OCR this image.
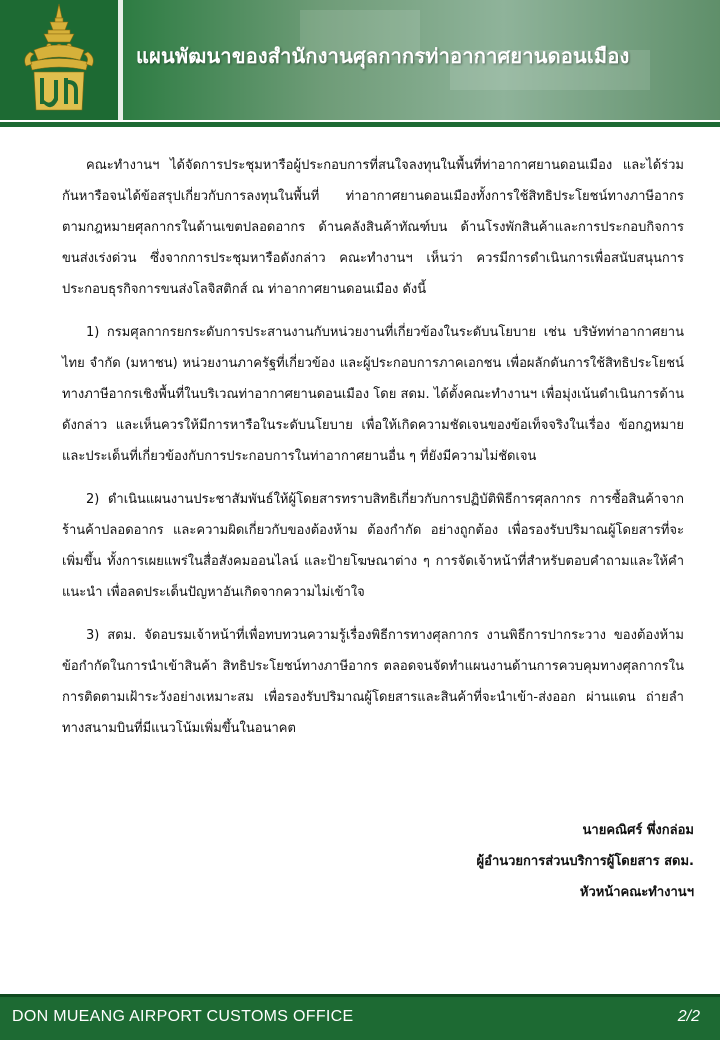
แผนพัฒนาของสำนักงานศุลกากรท่าอากาศยานดอนเมือง

คณะทำงานฯ ได้จัดการประชุมหารือผู้ประกอบการที่สนใจลงทุนในพื้นที่ท่าอากาศยานดอนเมือง และได้ร่วมกันหารือจนได้ข้อสรุปเกี่ยวกับการลงทุนในพื้นที่ ท่าอากาศยานดอนเมืองทั้งการใช้สิทธิประโยชน์ทางภาษีอากรตามกฎหมายศุลกากรในด้านเขตปลอดอากร ด้านคลังสินค้าทัณฑ์บน ด้านโรงพักสินค้าและการประกอบกิจการขนส่งเร่งด่วน ซึ่งจากการประชุมหารือดังกล่าว คณะทำงานฯ เห็นว่า ควรมีการดำเนินการเพื่อสนับสนุนการประกอบธุรกิจการขนส่งโลจิสติกส์ ณ ท่าอากาศยานดอนเมือง ดังนี้

1) กรมศุลกากรยกระดับการประสานงานกับหน่วยงานที่เกี่ยวข้องในระดับนโยบาย เช่น บริษัทท่าอากาศยานไทย จำกัด (มหาชน) หน่วยงานภาครัฐที่เกี่ยวข้อง และผู้ประกอบการภาคเอกชน เพื่อผลักดันการใช้สิทธิประโยชน์ทางภาษีอากรเชิงพื้นที่ในบริเวณท่าอากาศยานดอนเมือง โดย สดม. ได้ตั้งคณะทำงานฯ เพื่อมุ่งเน้นดำเนินการด้านดังกล่าว และเห็นควรให้มีการหารือในระดับนโยบาย เพื่อให้เกิดความชัดเจนของข้อเท็จจริงในเรื่อง ข้อกฎหมายและประเด็นที่เกี่ยวข้องกับการประกอบการในท่าอากาศยานอื่น ๆ ที่ยังมีความไม่ชัดเจน

2) ดำเนินแผนงานประชาสัมพันธ์ให้ผู้โดยสารทราบสิทธิเกี่ยวกับการปฏิบัติพิธีการศุลกากร การซื้อสินค้าจากร้านค้าปลอดอากร และความผิดเกี่ยวกับของต้องห้าม ต้องกำกัด อย่างถูกต้อง เพื่อรองรับปริมาณผู้โดยสารที่จะเพิ่มขึ้น ทั้งการเผยแพร่ในสื่อสังคมออนไลน์ และป้ายโฆษณาต่าง ๆ การจัดเจ้าหน้าที่สำหรับตอบคำถามและให้คำแนะนำ เพื่อลดประเด็นปัญหาอันเกิดจากความไม่เข้าใจ

3) สดม. จัดอบรมเจ้าหน้าที่เพื่อทบทวนความรู้เรื่องพิธีการทางศุลกากร งานพิธีการปากระวาง ของต้องห้าม ข้อกำกัดในการนำเข้าสินค้า สิทธิประโยชน์ทางภาษีอากร ตลอดจนจัดทำแผนงานด้านการควบคุมทางศุลกากรในการติดตามเฝ้าระวังอย่างเหมาะสม เพื่อรองรับปริมาณผู้โดยสารและสินค้าที่จะนำเข้า-ส่งออก ผ่านแดน ถ่ายลำทางสนามบินที่มีแนวโน้มเพิ่มขึ้นในอนาคต

นายคณิศร์ พึ่งกล่อม
ผู้อำนวยการส่วนบริการผู้โดยสาร สดม.
หัวหน้าคณะทำงานฯ
DON MUEANG AIRPORT CUSTOMS OFFICE	2/2
